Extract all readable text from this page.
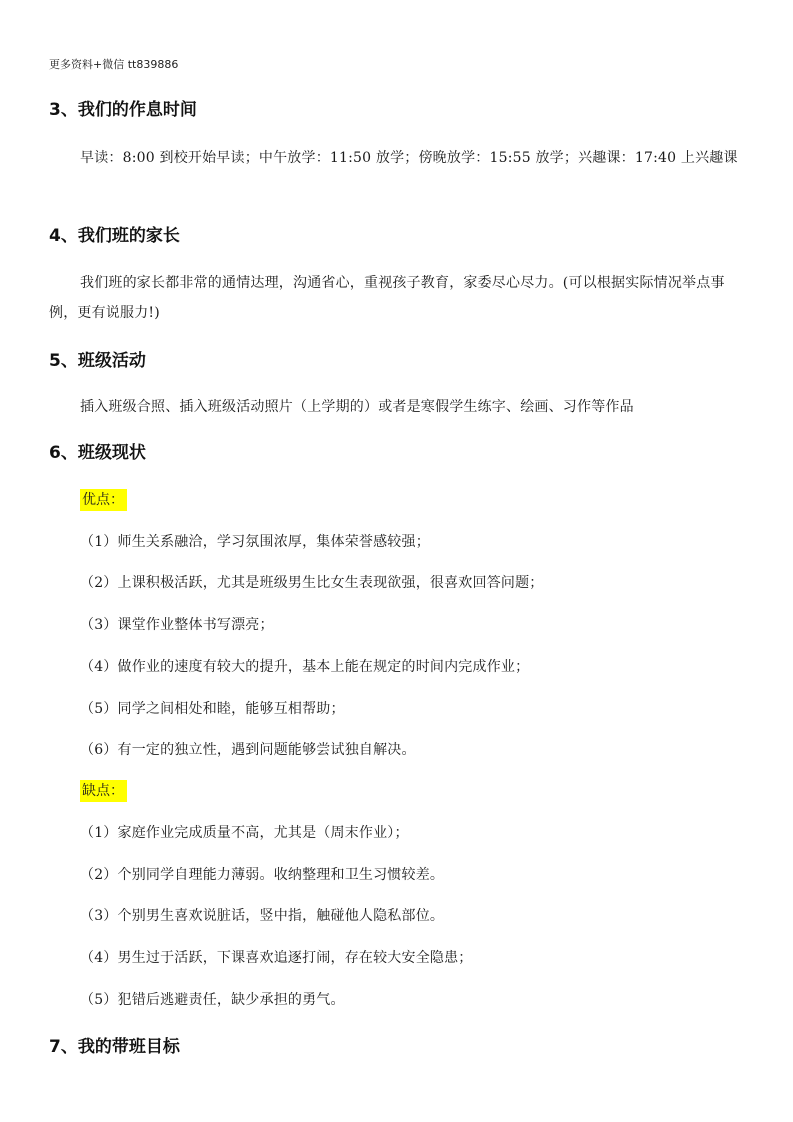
更多资料+微信 tt839886
3、我们的作息时间
早读：8:00 到校开始早读；中午放学：11:50 放学；傍晚放学：15:55 放学；兴趣课：17:40 上兴趣课
4、我们班的家长
我们班的家长都非常的通情达理，沟通省心，重视孩子教育，家委尽心尽力。(可以根据实际情况举点事例，更有说服力!)
5、班级活动
插入班级合照、插入班级活动照片（上学期的）或者是寒假学生练字、绘画、习作等作品
6、班级现状
优点：
（1）师生关系融洽，学习氛围浓厚，集体荣誉感较强；
（2）上课积极活跃，尤其是班级男生比女生表现欲强，很喜欢回答问题；
（3）课堂作业整体书写漂亮；
（4）做作业的速度有较大的提升，基本上能在规定的时间内完成作业；
（5）同学之间相处和睦，能够互相帮助；
（6）有一定的独立性，遇到问题能够尝试独自解决。
缺点：
（1）家庭作业完成质量不高，尤其是（周末作业）；
（2）个别同学自理能力薄弱。收纳整理和卫生习惯较差。
（3）个别男生喜欢说脏话，竖中指，触碰他人隐私部位。
（4）男生过于活跃，下课喜欢追逐打闹，存在较大安全隐患；
（5）犯错后逃避责任，缺少承担的勇气。
7、我的带班目标
